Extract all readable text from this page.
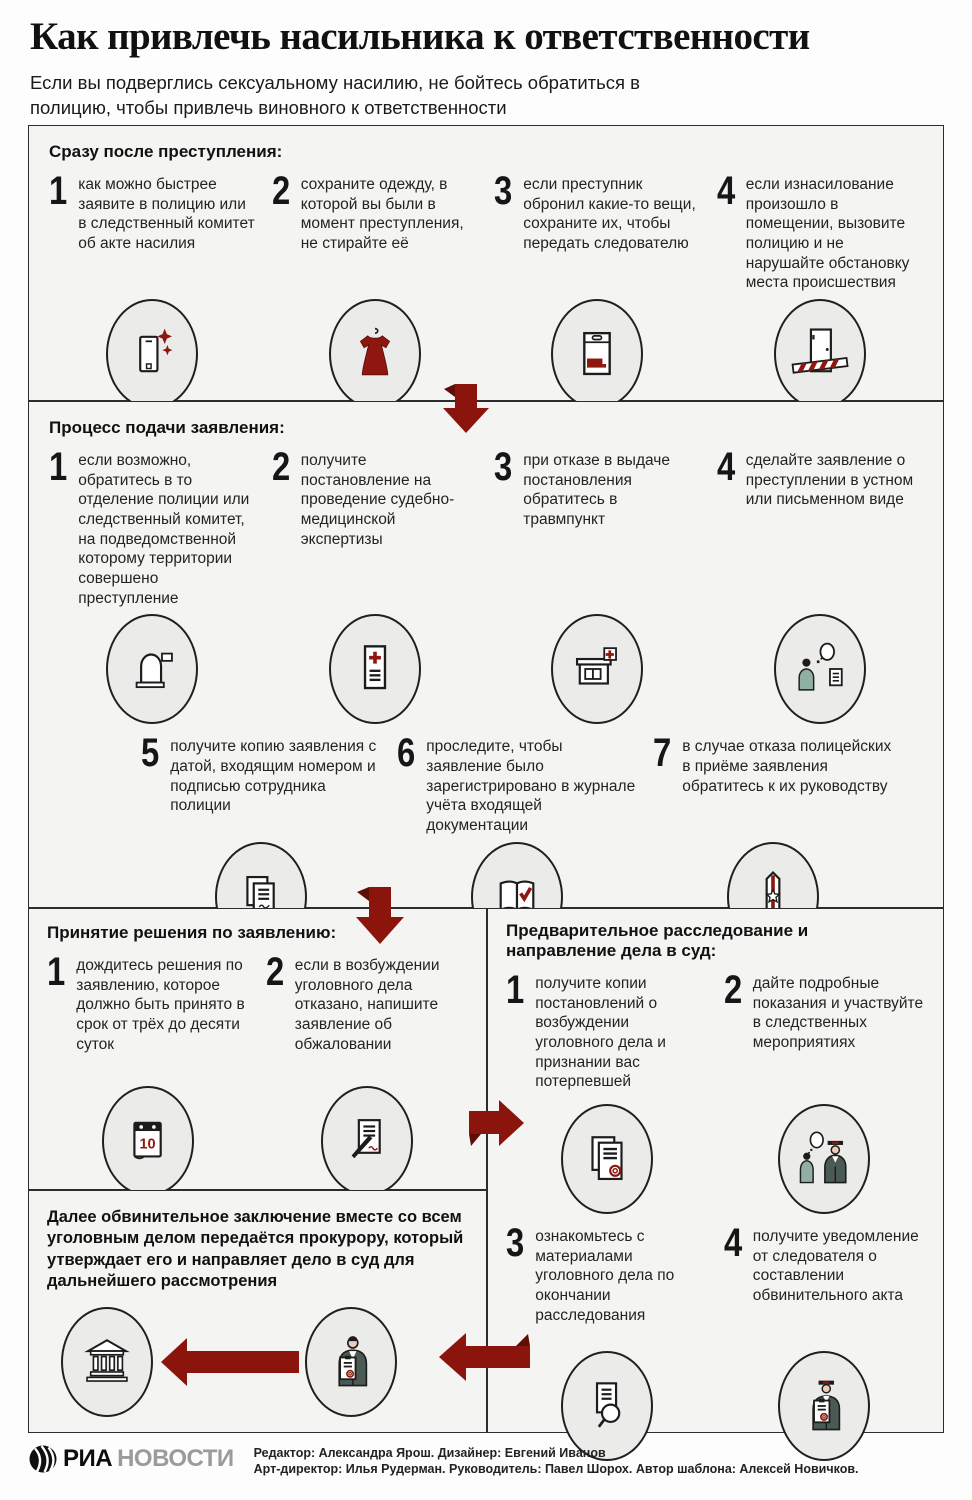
Как привлечь насильника к ответственности
Если вы подверглись сексуальному насилию, не бойтесь обратиться в полицию, чтобы привлечь виновного к ответственности
Сразу после преступления:
1 как можно быстрее заявите в полицию или в следственный комитет об акте насилия
2 сохраните одежду, в которой вы были в момент преступления, не стирайте её
3 если преступник обронил какие-то вещи, сохраните их, чтобы передать следователю
4 если изнасилование произошло в помещении, вызовите полицию и не нарушайте обстановку места происшествия
Процесс подачи заявления:
1 если возможно, обратитесь в то отделение полиции или следственный комитет, на подведомственной которому территории совершено преступление
2 получите постановление на проведение судебно-медицинской экспертизы
3 при отказе в выдаче постановления обратитесь в травмпункт
4 сделайте заявление о преступлении в устном или письменном виде
5 получите копию заявления с датой, входящим номером и подписью сотрудника полиции
6 проследите, чтобы заявление было зарегистрировано в журнале учёта входящей документации
7 в случае отказа полицейских в приёме заявления обратитесь к их руководству
Принятие решения по заявлению:
1 дождитесь решения по заявлению, которое должно быть принято в срок от трёх до десяти суток
2 если в возбуждении уголовного дела отказано, напишите заявление об обжаловании
10

Далее обвинительное заключение вместе со всем уголовным делом передаётся прокурору, который утверждает его и направляет дело в суд для дальнейшего рассмотрения

Предварительное расследование и направление дела в суд:
1 получите копии постановлений о возбуждении уголовного дела и признании вас потерпевшей
2 дайте подробные показания и участвуйте в следственных мероприятиях
3 ознакомьтесь с материалами уголовного дела по окончании расследования
4 получите уведомление от следователя о составлении обвинительного акта
РИА НОВОСТИ Редактор: Александра Ярош. Дизайнер: Евгений Иванов
Арт-директор: Илья Рудерман. Руководитель: Павел Шорох. Автор шаблона: Алексей Новичков.
